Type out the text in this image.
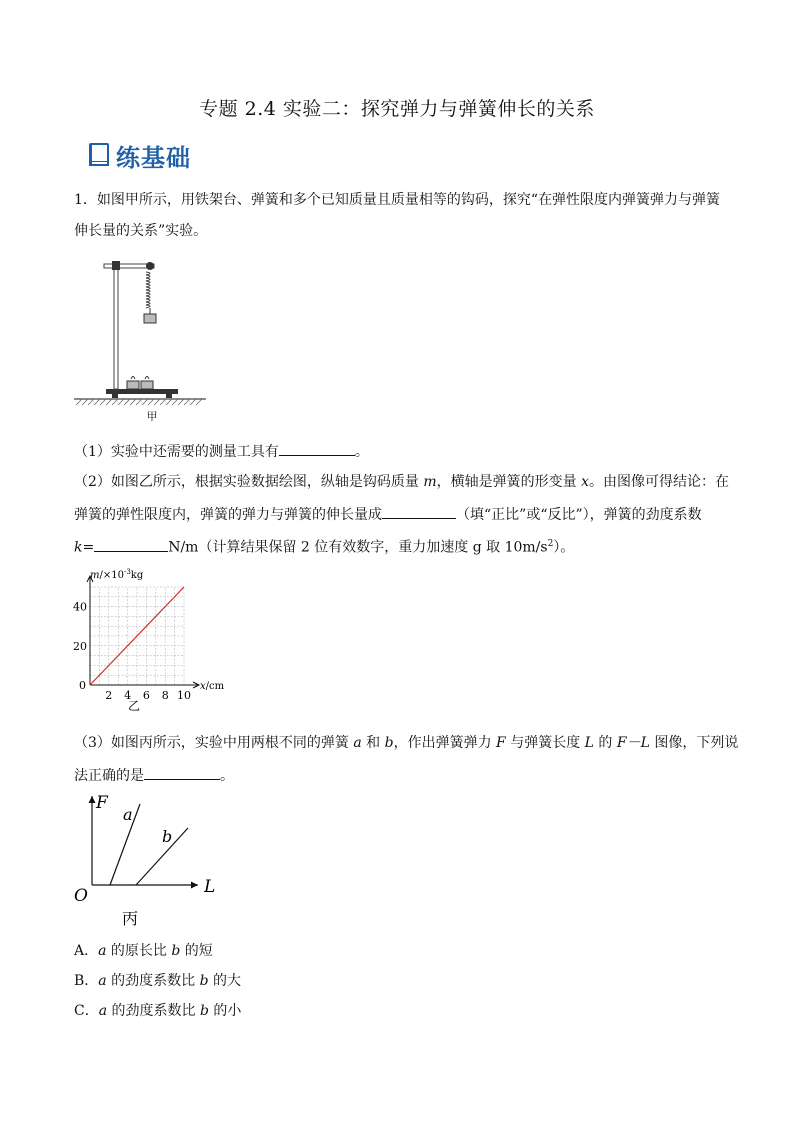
专题 2.4 实验二：探究弹力与弹簧伸长的关系
练基础
1．如图甲所示，用铁架台、弹簧和多个已知质量且质量相等的钩码，探究“在弹性限度内弹簧弹力与弹簧
伸长量的关系”实验。
甲
（1）实验中还需要的测量工具有	。
（2）如图乙所示，根据实验数据绘图，纵轴是钩码质量 m，横轴是弹簧的形变量 x。由图像可得结论：在
弹簧的弹性限度内，弹簧的弹力与弹簧的伸长量成	（填“正比”或“反比”），弹簧的劲度系数
k=	N/m（计算结果保留 2 位有效数字，重力加速度 g 取 $10m/s^2$）。
0
2 4 6 8 10
20
40
$m/\times 10^{-3}kg$
x/cm
乙
（3）如图丙所示，实验中用两根不同的弹簧 a 和 b，作出弹簧弹力 F 与弹簧长度 L 的 F－L 图像，下列说
法正确的是	。
F
L
O
a
b
丙
A．a 的原长比 b 的短
B．a 的劲度系数比 b 的大
C．a 的劲度系数比 b 的小
